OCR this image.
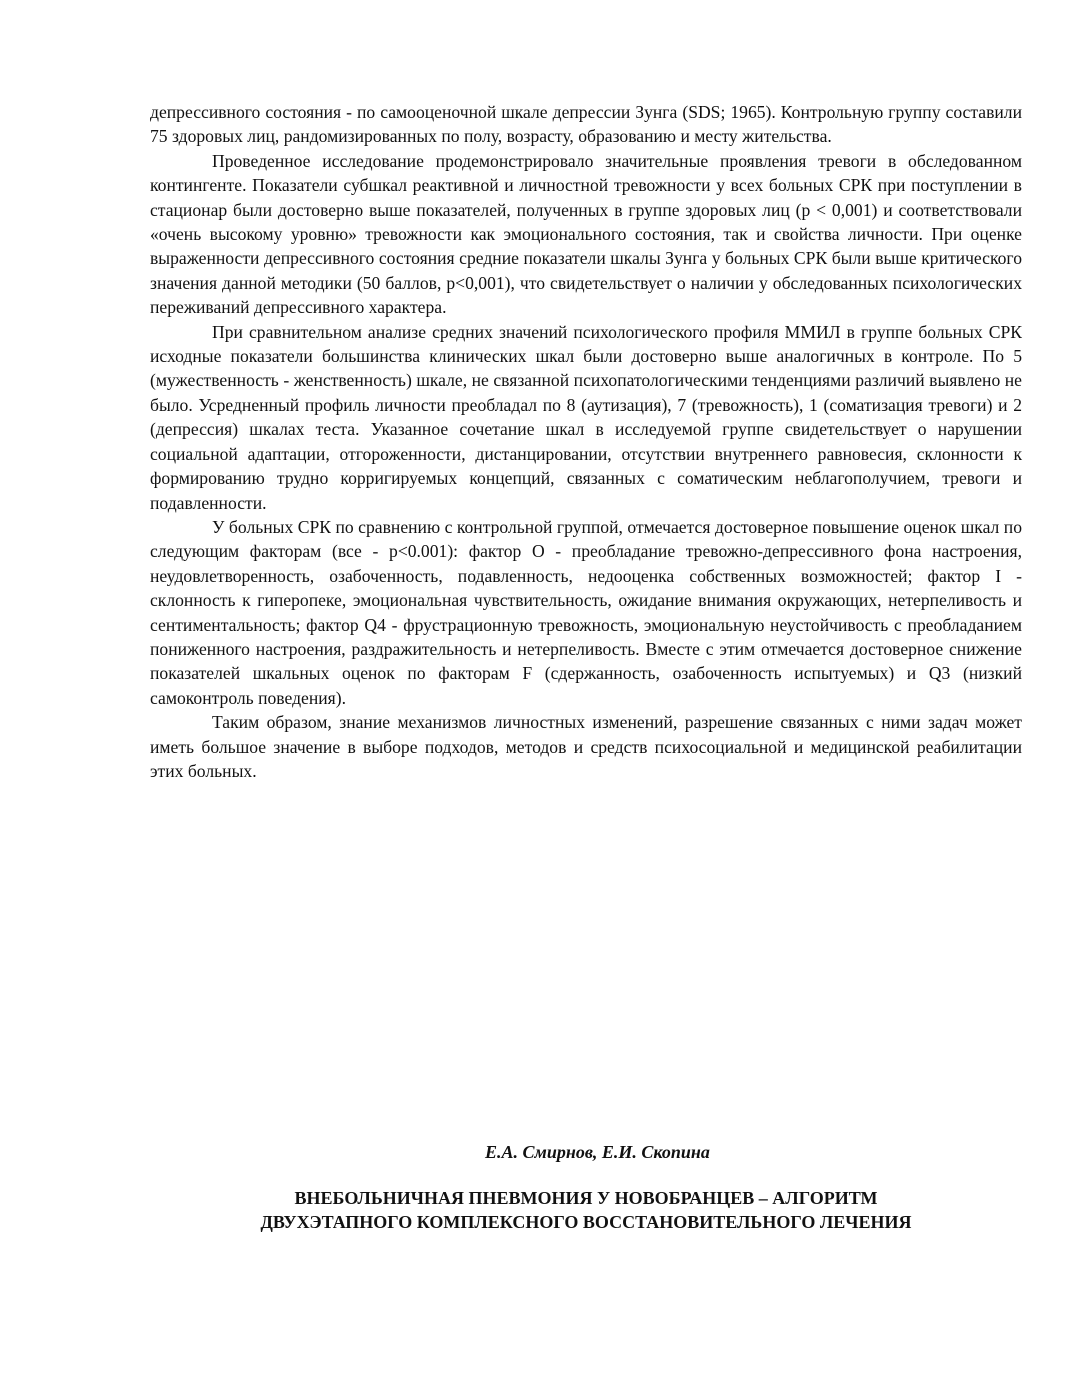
депрессивного состояния - по самооценочной шкале депрессии Зунга (SDS; 1965). Контрольную группу составили 75 здоровых лиц, рандомизированных по полу, возрасту, образованию и месту жительства.

Проведенное исследование продемонстрировало значительные проявления тревоги в обследованном контингенте. Показатели субшкал реактивной и личностной тревожности у всех больных СРК при поступлении в стационар были достоверно выше показателей, полученных в группе здоровых лиц (р < 0,001) и соответствовали «очень высокому уровню» тревожности как эмоционального состояния, так и свойства личности. При оценке выраженности депрессивного состояния средние показатели шкалы Зунга у больных СРК были выше критического значения данной методики (50 баллов, р<0,001), что свидетельствует о наличии у обследованных психологических переживаний депрессивного характера.

При сравнительном анализе средних значений психологического профиля ММИЛ в группе больных СРК исходные показатели большинства клинических шкал были достоверно выше аналогичных в контроле. По 5 (мужественность - женственность) шкале, не связанной психопатологическими тенденциями различий выявлено не было. Усредненный профиль личности преобладал по 8 (аутизация), 7 (тревожность), 1 (соматизация тревоги) и 2 (депрессия) шкалах теста. Указанное сочетание шкал в исследуемой группе свидетельствует о нарушении социальной адаптации, отгороженности, дистанцировании, отсутствии внутреннего равновесия, склонности к формированию трудно корригируемых концепций, связанных с соматическим неблагополучием, тревоги и подавленности.

У больных СРК по сравнению с контрольной группой, отмечается достоверное повышение оценок шкал по следующим факторам (все - р<0.001): фактор О - преобладание тревожно-депрессивного фона настроения, неудовлетворенность, озабоченность, подавленность, недооценка собственных возможностей; фактор I - склонность к гиперопеке, эмоциональная чувствительность, ожидание внимания окружающих, нетерпеливость и сентиментальность; фактор Q4 - фрустрационную тревожность, эмоциональную неустойчивость с преобладанием пониженного настроения, раздражительность и нетерпеливость. Вместе с этим отмечается достоверное снижение показателей шкальных оценок по факторам F (сдержанность, озабоченность испытуемых) и Q3 (низкий самоконтроль поведения).

Таким образом, знание механизмов личностных изменений, разрешение связанных с ними задач может иметь большое значение в выборе подходов, методов и средств психосоциальной и медицинской реабилитации этих больных.

Е.А. Смирнов, Е.И. Скопина
ВНЕБОЛЬНИЧНАЯ ПНЕВМОНИЯ У НОВОБРАНЦЕВ – АЛГОРИТМ
ДВУХЭТАПНОГО КОМПЛЕКСНОГО ВОССТАНОВИТЕЛЬНОГО ЛЕЧЕНИЯ
